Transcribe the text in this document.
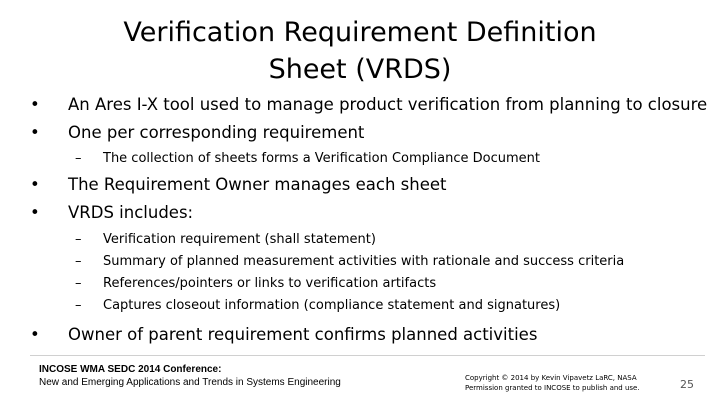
Verification Requirement Definition
Sheet (VRDS)
• An Ares I-X tool used to manage product verification from planning to closure
• One per corresponding requirement
– The collection of sheets forms a Verification Compliance Document
• The Requirement Owner manages each sheet
• VRDS includes:
– Verification requirement (shall statement)
– Summary of planned measurement activities with rationale and success criteria
– References/pointers or links to verification artifacts
– Captures closeout information (compliance statement and signatures)
• Owner of parent requirement confirms planned activities
INCOSE WMA SEDC 2014 Conference:
New and Emerging Applications and Trends in Systems Engineering	Copyright © 2014 by Kevin Vipavetz LaRC, NASA
Permission granted to INCOSE to publish and use.	25
